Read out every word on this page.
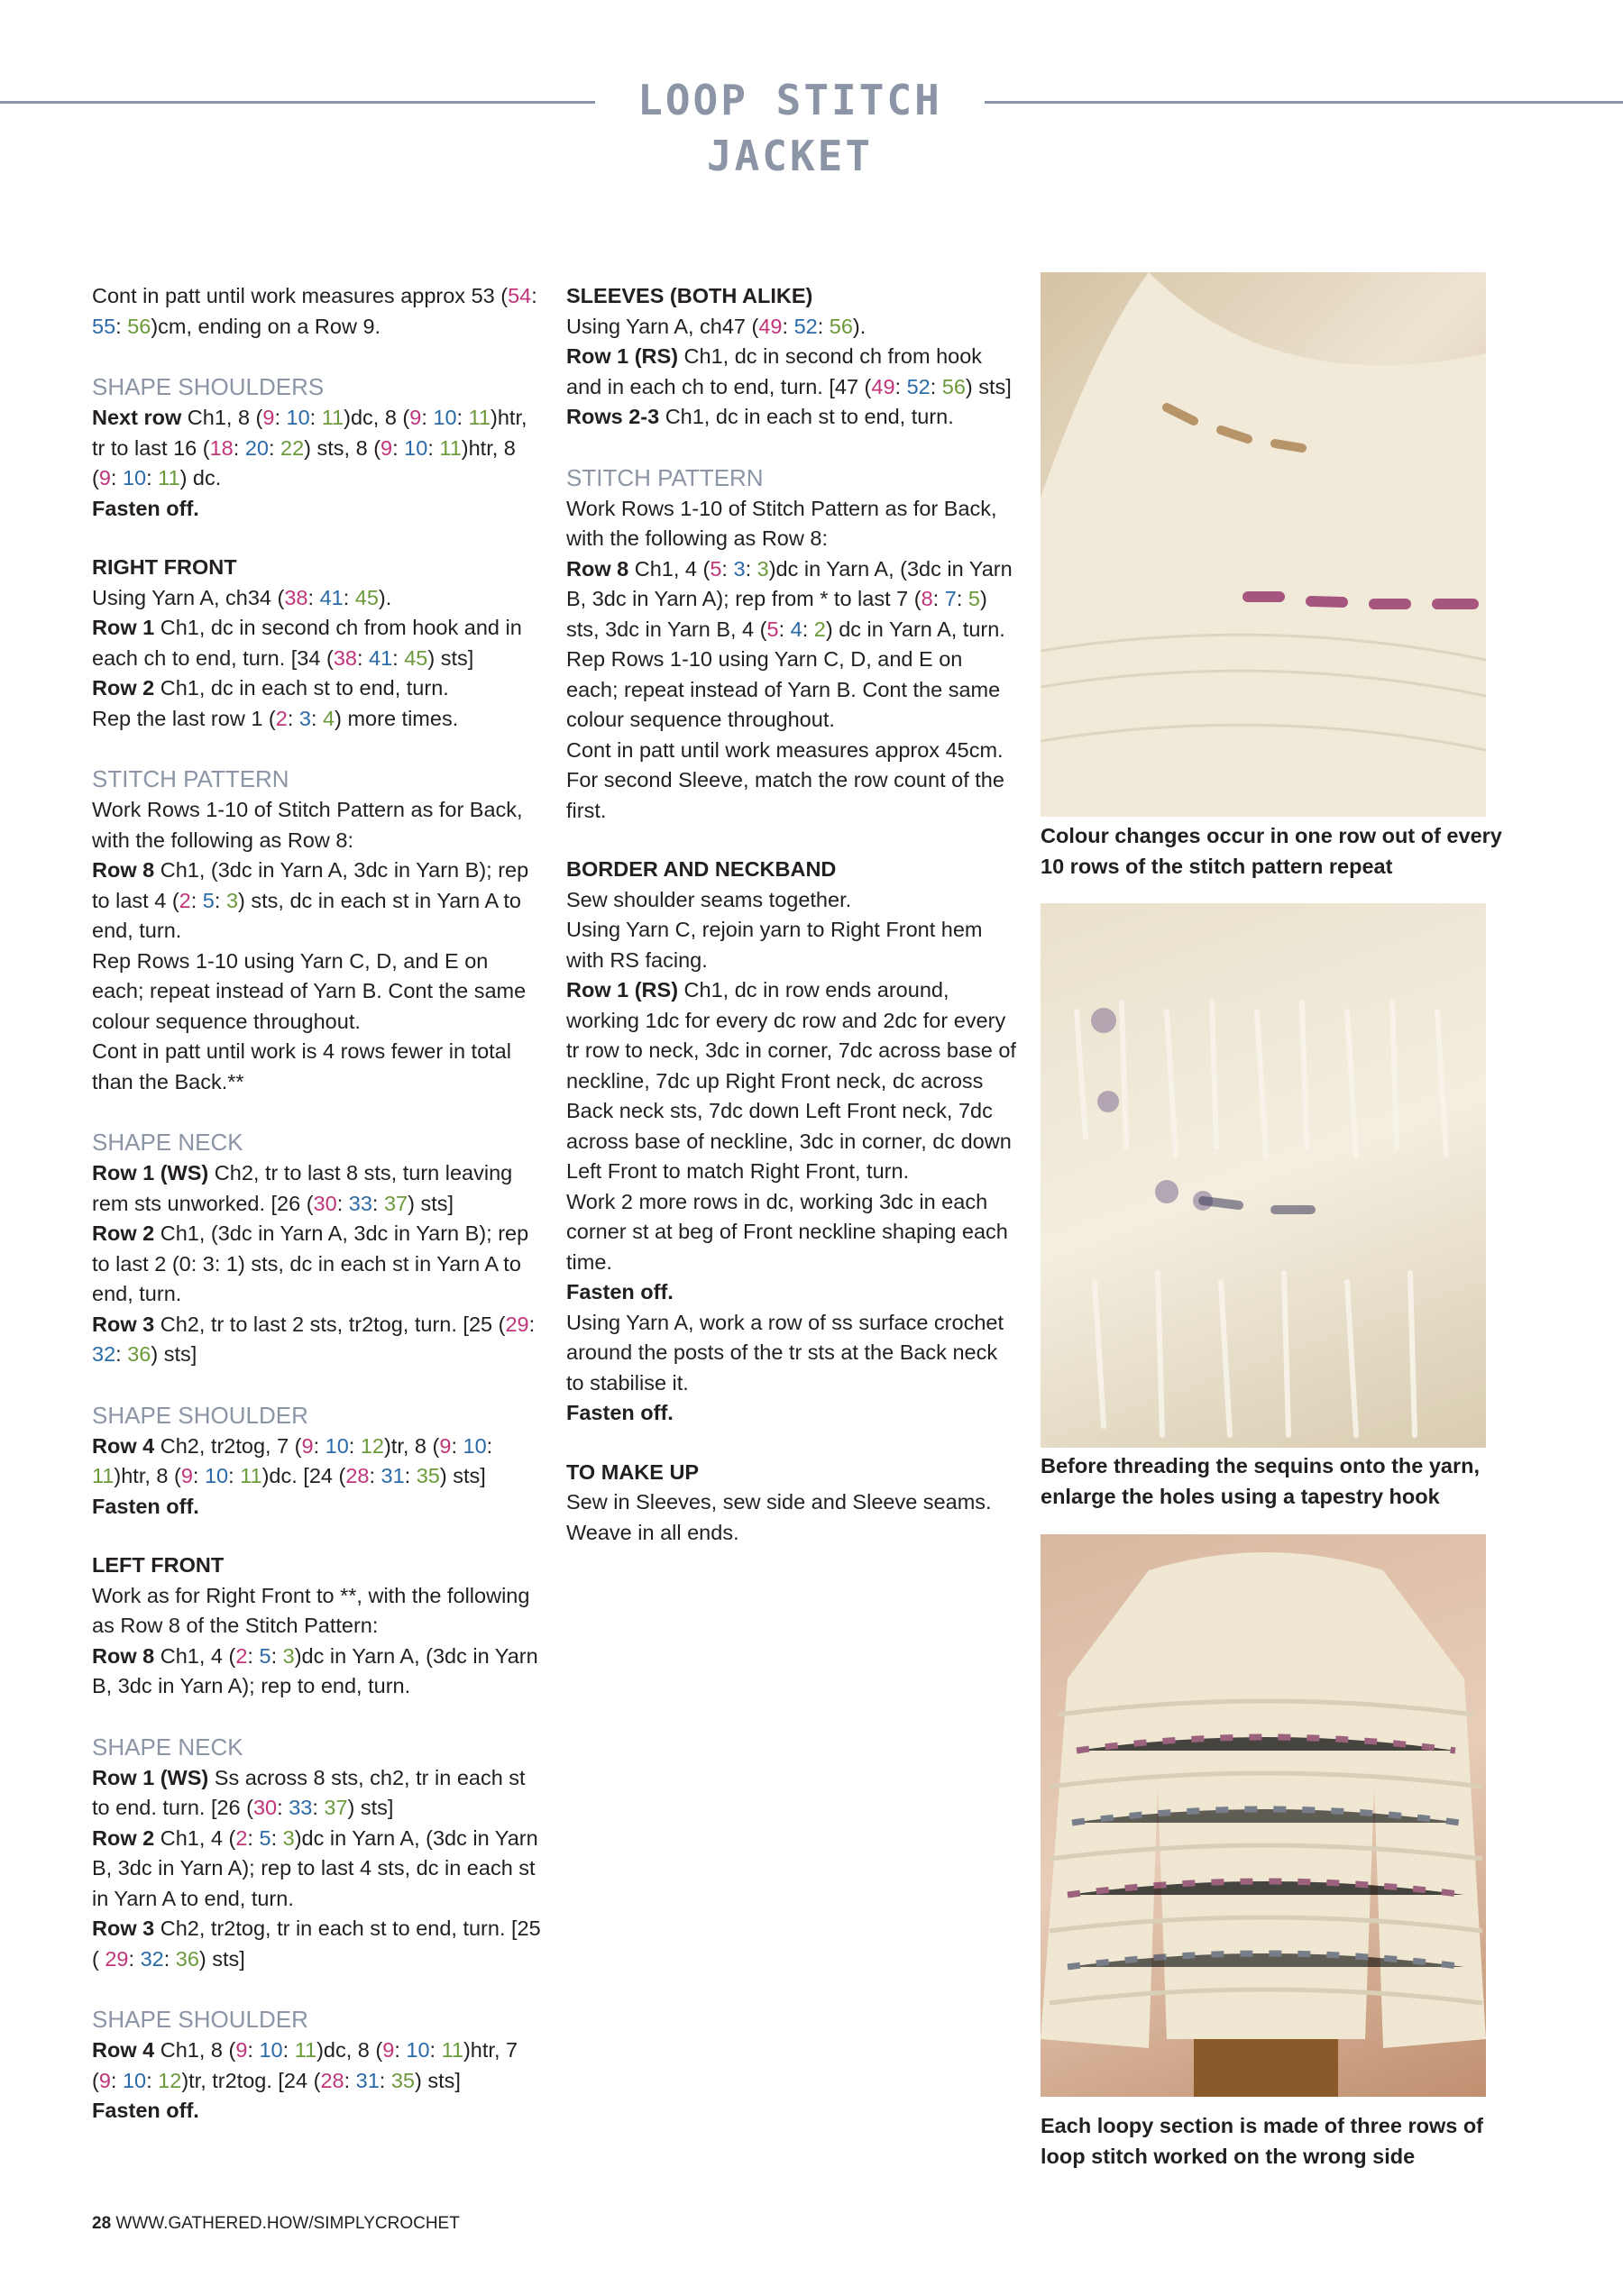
LOOP STITCH JACKET

Cont in patt until work measures approx 53 (54:
55: 56)cm, ending on a Row 9.

SHAPE SHOULDERS

Next row Ch1, 8 (9: 10: 11)dc, 8 (9: 10: 11)htr, tr to last 16 (18: 20: 22) sts, 8 (9: 10: 11)htr, 8 (9: 10: 11) dc.

Fasten off.

RIGHT FRONT

Using Yarn A, ch34 (38: 41: 45).

Row 1 Ch1, dc in second ch from hook and in each ch to end, turn. [34 (38: 41: 45) sts]

Row 2 Ch1, dc in each st to end, turn.

Rep the last row 1 (2: 3: 4) more times.

STITCH PATTERN

Work Rows 1-10 of Stitch Pattern as for Back, with the following as Row 8:

Row 8 Ch1, (3dc in Yarn A, 3dc in Yarn B); rep to last 4 (2: 5: 3) sts, dc in each st in Yarn A to end, turn.

Rep Rows 1-10 using Yarn C, D, and E on each; repeat instead of Yarn B. Cont the same colour sequence throughout.

Cont in patt until work is 4 rows fewer in total than the Back.**

SHAPE NECK

Row 1 (WS) Ch2, tr to last 8 sts, turn leaving rem sts unworked. [26 (30: 33: 37) sts]

Row 2 Ch1, (3dc in Yarn A, 3dc in Yarn B); rep to last 2 (0: 3: 1) sts, dc in each st in Yarn A to end, turn.

Row 3 Ch2, tr to last 2 sts, tr2tog, turn. [25 (29: 32: 36) sts]

SHAPE SHOULDER

Row 4 Ch2, tr2tog, 7 (9: 10: 12)tr, 8 (9: 10: 11)htr, 8 (9: 10: 11)dc. [24 (28: 31: 35) sts]

Fasten off.

LEFT FRONT

Work as for Right Front to **, with the following as Row 8 of the Stitch Pattern:

Row 8 Ch1, 4 (2: 5: 3)dc in Yarn A, (3dc in Yarn B, 3dc in Yarn A); rep to end, turn.

SHAPE NECK

Row 1 (WS) Ss across 8 sts, ch2, tr in each st to end. turn. [26 (30: 33: 37) sts]

Row 2 Ch1, 4 (2: 5: 3)dc in Yarn A, (3dc in Yarn B, 3dc in Yarn A); rep to last 4 sts, dc in each st in Yarn A to end, turn.

Row 3 Ch2, tr2tog, tr in each st to end, turn. [25 ( 29: 32: 36) sts]

SHAPE SHOULDER

Row 4 Ch1, 8 (9: 10: 11)dc, 8 (9: 10: 11)htr, 7 (9: 10: 12)tr, tr2tog. [24 (28: 31: 35) sts]

Fasten off.

SLEEVES (BOTH ALIKE)

Using Yarn A, ch47 (49: 52: 56).

Row 1 (RS) Ch1, dc in second ch from hook and in each ch to end, turn. [47 (49: 52: 56) sts]

Rows 2-3 Ch1, dc in each st to end, turn.

STITCH PATTERN

Work Rows 1-10 of Stitch Pattern as for Back, with the following as Row 8:

Row 8 Ch1, 4 (5: 3: 3)dc in Yarn A, (3dc in Yarn B, 3dc in Yarn A); rep from * to last 7 (8: 7: 5) sts, 3dc in Yarn B, 4 (5: 4: 2) dc in Yarn A, turn.

Rep Rows 1-10 using Yarn C, D, and E on each; repeat instead of Yarn B. Cont the same colour sequence throughout.

Cont in patt until work measures approx 45cm. For second Sleeve, match the row count of the first.

BORDER AND NECKBAND

Sew shoulder seams together.

Using Yarn C, rejoin yarn to Right Front hem with RS facing.

Row 1 (RS) Ch1, dc in row ends around, working 1dc for every dc row and 2dc for every tr row to neck, 3dc in corner, 7dc across base of neckline, 7dc up Right Front neck, dc across Back neck sts, 7dc down Left Front neck, 7dc across base of neckline, 3dc in corner, dc down Left Front to match Right Front, turn.

Work 2 more rows in dc, working 3dc in each corner st at beg of Front neckline shaping each time.

Fasten off.

Using Yarn A, work a row of ss surface crochet around the posts of the tr sts at the Back neck to stabilise it.

Fasten off.

TO MAKE UP

Sew in Sleeves, sew side and Sleeve seams. Weave in all ends.

Colour changes occur in one row out of every 10 rows of the stitch pattern repeat
Before threading the sequins onto the yarn, enlarge the holes using a tapestry hook
Each loopy section is made of three rows of loop stitch worked on the wrong side
28 WWW.GATHERED.HOW/SIMPLYCROCHET
